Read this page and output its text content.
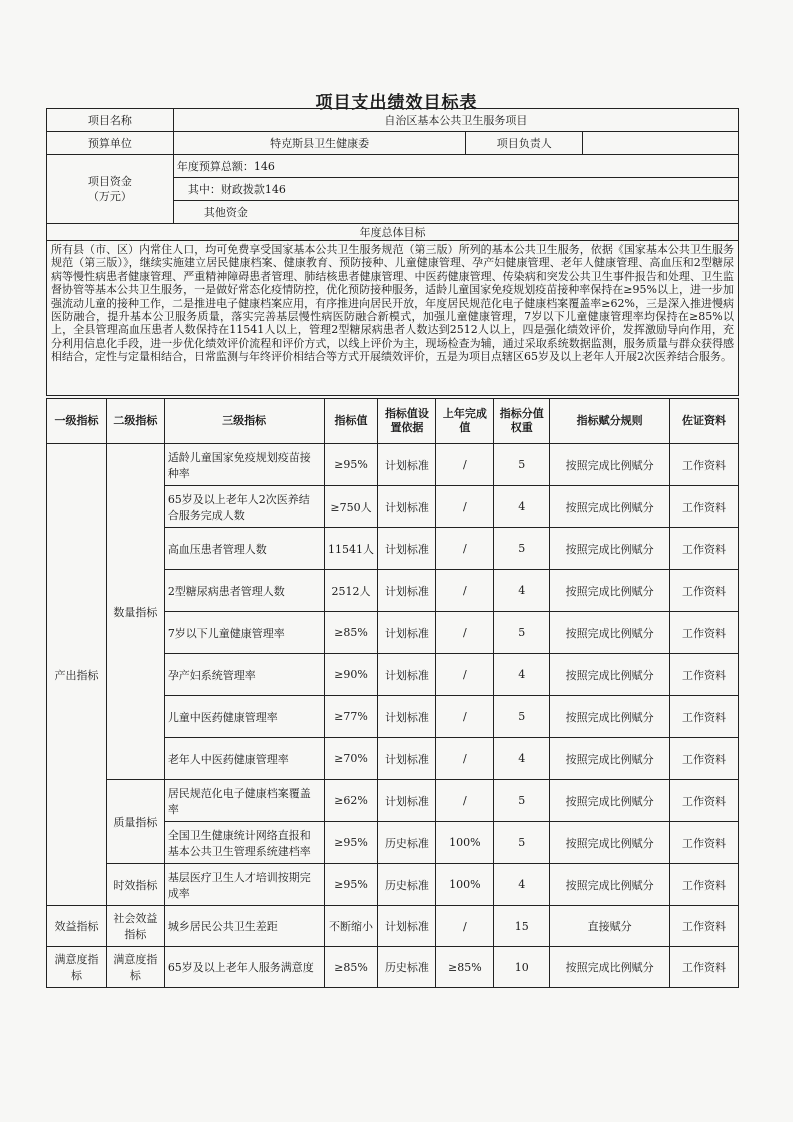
项目支出绩效目标表
项目名称	自治区基本公共卫生服务项目		
预算单位	特克斯县卫生健康委	项目负责人	
项目资金
（万元）	年度预算总额：146		
	其中：财政拨款146		
	其他资金		
年度总体目标			
所有县（市、区）内常住人口，均可免费享受国家基本公共卫生服务规范（第三版）所列的基本公共卫生服务，依据《国家基本公共卫生服务规范（第三版）》，继续实施建立居民健康档案、健康教育、预防接种、儿童健康管理、孕产妇健康管理、老年人健康管理、高血压和2型糖尿病等慢性病患者健康管理、严重精神障碍患者管理、肺结核患者健康管理、中医药健康管理、传染病和突发公共卫生事件报告和处理、卫生监督协管等基本公共卫生服务，一是做好常态化疫情防控，优化预防接种服务，适龄儿童国家免疫规划疫苗接种率保持在≥95%以上，进一步加强流动儿童的接种工作，二是推进电子健康档案应用，有序推进向居民开放，年度居民规范化电子健康档案覆盖率≥62%，三是深入推进慢病医防融合，提升基本公卫服务质量，落实完善基层慢性病医防融合新模式，加强儿童健康管理，7岁以下儿童健康管理率均保持在≥85%以上，全县管理高血压患者人数保持在11541人以上，管理2型糖尿病患者人数达到2512人以上，四是强化绩效评价，发挥激励导向作用，充分利用信息化手段，进一步优化绩效评价流程和评价方式，以线上评价为主，现场检查为辅，通过采取系统数据监测，服务质量与群众获得感相结合，定性与定量相结合，日常监测与年终评价相结合等方式开展绩效评价，五是为项目点辖区65岁及以上老年人开展2次医养结合服务。			
一级指标	二级指标	三级指标	指标值	指标值设置依据	上年完成值	指标分值权重	指标赋分规则	佐证资料
产出指标	数量指标	适龄儿童国家免疫规划疫苗接种率	≥95%	计划标准	/	5	按照完成比例赋分	工作资料
		65岁及以上老年人2次医养结合服务完成人数	≥750人	计划标准	/	4	按照完成比例赋分	工作资料
		高血压患者管理人数	11541人	计划标准	/	5	按照完成比例赋分	工作资料
		2型糖尿病患者管理人数	2512人	计划标准	/	4	按照完成比例赋分	工作资料
		7岁以下儿童健康管理率	≥85%	计划标准	/	5	按照完成比例赋分	工作资料
		孕产妇系统管理率	≥90%	计划标准	/	4	按照完成比例赋分	工作资料
		儿童中医药健康管理率	≥77%	计划标准	/	5	按照完成比例赋分	工作资料
		老年人中医药健康管理率	≥70%	计划标准	/	4	按照完成比例赋分	工作资料
	质量指标	居民规范化电子健康档案覆盖率	≥62%	计划标准	/	5	按照完成比例赋分	工作资料
		全国卫生健康统计网络直报和基本公共卫生管理系统建档率	≥95%	历史标准	100%	5	按照完成比例赋分	工作资料
	时效指标	基层医疗卫生人才培训按期完成率	≥95%	历史标准	100%	4	按照完成比例赋分	工作资料
效益指标	社会效益指标	城乡居民公共卫生差距	不断缩小	计划标准	/	15	直接赋分	工作资料
满意度指标	满意度指标	65岁及以上老年人服务满意度	≥85%	历史标准	≥85%	10	按照完成比例赋分	工作资料
